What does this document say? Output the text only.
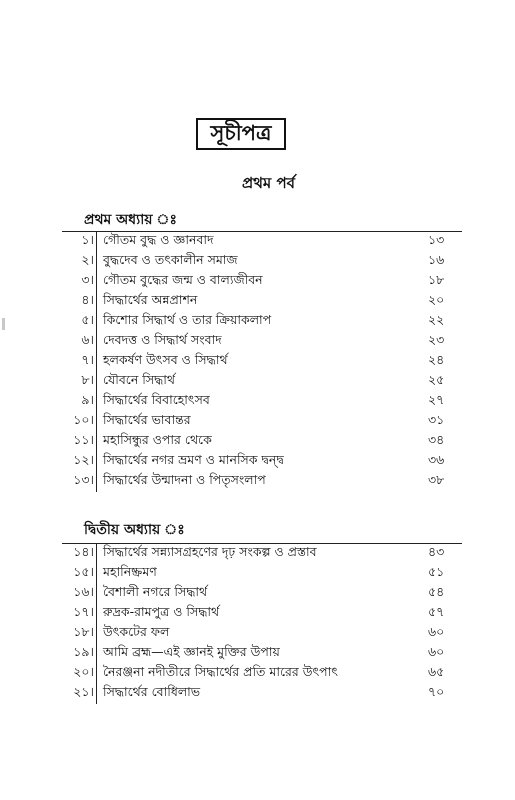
সূচীপত্র
প্রথম পর্ব
প্রথম অধ্যায় ঃ
১। গৌতম বুদ্ধ ও জ্ঞানবাদ	১৩
২। বুদ্ধদেব ও তৎকালীন সমাজ	১৬
৩। গৌতম বুদ্ধের জন্ম ও বাল্যজীবন	১৮
৪। সিদ্ধার্থের অন্নপ্রাশন	২০
৫। কিশোর সিদ্ধার্থ ও তার ক্রিয়াকলাপ	২২
৬। দেবদত্ত ও সিদ্ধার্থ সংবাদ	২৩
৭। হলকর্ষণ উৎসব ও সিদ্ধার্থ	২৪
৮। যৌবনে সিদ্ধার্থ	২৫
৯। সিদ্ধার্থের বিবাহোৎসব	২৭
১০। সিদ্ধার্থের ভাবান্তর	৩১
১১। মহাসিন্ধুর ওপার থেকে	৩৪
১২। সিদ্ধার্থের নগর ভ্রমণ ও মানসিক দ্বন্দ্ব	৩৬
১৩। সিদ্ধার্থের উন্মাদনা ও পিতৃসংলাপ	৩৮
দ্বিতীয় অধ্যায় ঃ
১৪। সিদ্ধার্থের সন্ন্যাসগ্রহণের দৃঢ় সংকল্প ও প্রস্তাব	৪৩
১৫। মহানিষ্ক্রমণ	৫১
১৬। বৈশালী নগরে সিদ্ধার্থ	৫৪
১৭। রুদ্রক-রামপুত্র ও সিদ্ধার্থ	৫৭
১৮। উৎকটের ফল	৬০
১৯। আমি ব্রহ্ম—এই জ্ঞানই মুক্তির উপায়	৬০
২০। নৈরঞ্জনা নদীতীরে সিদ্ধার্থের প্রতি মারের উৎপাৎ	৬৫
২১। সিদ্ধার্থের বোধিলাভ	৭০
